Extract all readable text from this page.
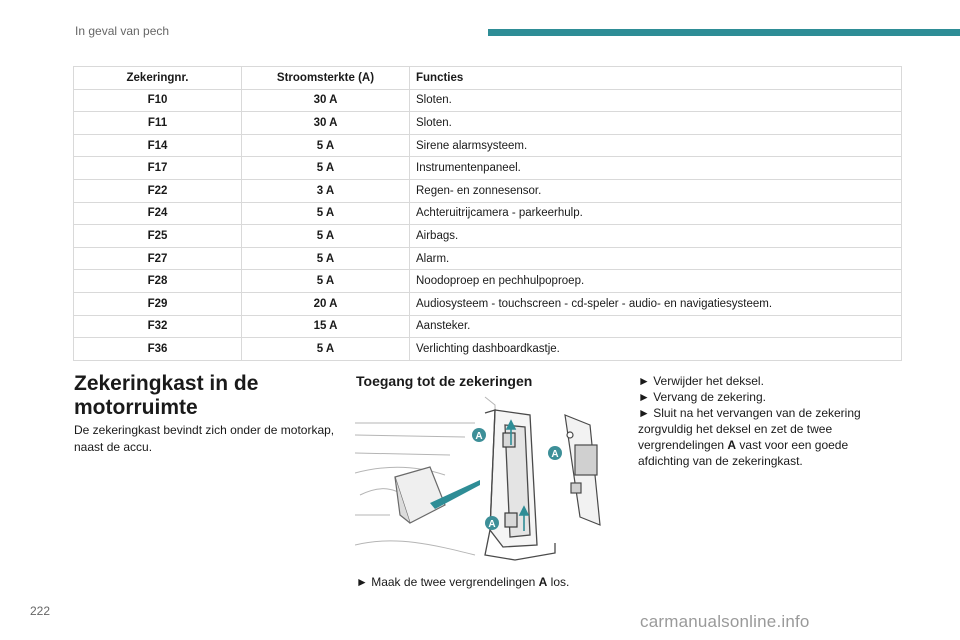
In geval van pech
Zekeringnr.	Stroomsterkte (A)	Functies
F10	30 A	Sloten.
F11	30 A	Sloten.
F14	5 A	Sirene alarmsysteem.
F17	5 A	Instrumentenpaneel.
F22	3 A	Regen- en zonnesensor.
F24	5 A	Achteruitrijcamera - parkeerhulp.
F25	5 A	Airbags.
F27	5 A	Alarm.
F28	5 A	Noodoproep en pechhulpoproep.
F29	20 A	Audiosysteem - touchscreen - cd-speler - audio- en navigatiesysteem.
F32	15 A	Aansteker.
F36	5 A	Verlichting dashboardkastje.
Zekeringkast in de motorruimte
De zekeringkast bevindt zich onder de motorkap, naast de accu.
Toegang tot de zekeringen
A
A
A
► Maak de twee vergrendelingen A los.
► Verwijder het deksel.
► Vervang de zekering.
► Sluit na het vervangen van de zekering zorgvuldig het deksel en zet de twee vergrendelingen A vast voor een goede afdichting van de zekeringkast.
222
carmanualsonline.info
